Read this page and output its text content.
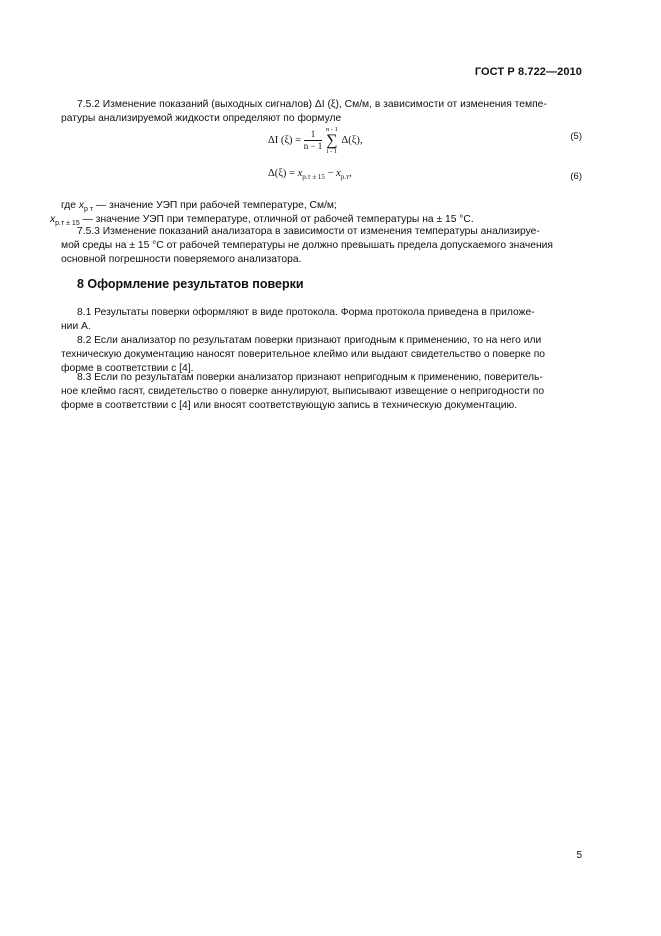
ГОСТ Р 8.722—2010
7.5.2 Изменение показаний (выходных сигналов) ΔI (ξ), См/м, в зависимости от изменения темпе-
ратуры анализируемой жидкости определяют по формуле
ΔI $(\xi) = \frac{1}{n - 1}$
n - 1
∑
i - 1
Δ(ξ),	(5)
$\Delta(\xi) = x_{р.т \pm 15} - x_{р.т}$,	(6)
где $x_{р т}$ — значение УЭП при рабочей температуре, См/м;
$x_{р.т \pm 15}$ — значение УЭП при температуре, отличной от рабочей температуры на ± 15 °С.
7.5.3 Изменение показаний анализатора в зависимости от изменения температуры анализируе-
мой среды на ± 15 °С от рабочей температуры не должно превышать предела допускаемого значения
основной погрешности поверяемого анализатора.
8 Оформление результатов поверки
8.1 Результаты поверки оформляют в виде протокола. Форма протокола приведена в приложе-
нии А.
8.2 Если анализатор по результатам поверки признают пригодным к применению, то на него или
техническую документацию наносят поверительное клеймо или выдают свидетельство о поверке по
форме в соответствии с [4].
8.3 Если по результатам поверки анализатор признают непригодным к применению, поверитель-
ное клеймо гасят, свидетельство о поверке аннулируют, выписывают извещение о непригодности по
форме в соответствии с [4] или вносят соответствующую запись в техническую документацию.
5
